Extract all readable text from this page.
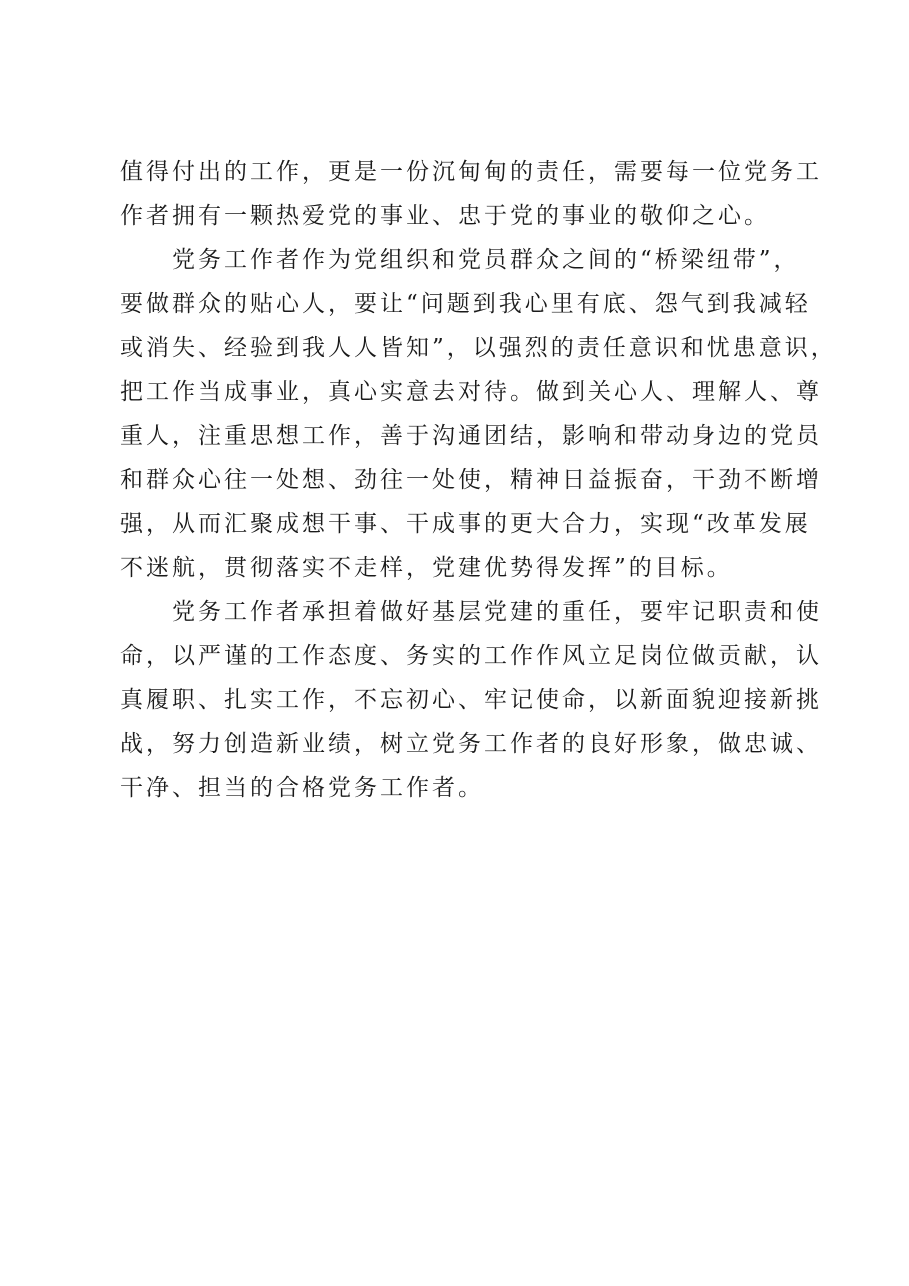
值得付出的工作，更是一份沉甸甸的责任，需要每一位党务工
作者拥有一颗热爱党的事业、忠于党的事业的敬仰之心。
党务工作者作为党组织和党员群众之间的“桥梁纽带”，
要做群众的贴心人，要让“问题到我心里有底、怨气到我减轻
或消失、经验到我人人皆知”，以强烈的责任意识和忧患意识，
把工作当成事业，真心实意去对待。做到关心人、理解人、尊
重人，注重思想工作，善于沟通团结，影响和带动身边的党员
和群众心往一处想、劲往一处使，精神日益振奋，干劲不断增
强，从而汇聚成想干事、干成事的更大合力，实现“改革发展
不迷航，贯彻落实不走样，党建优势得发挥”的目标。
党务工作者承担着做好基层党建的重任，要牢记职责和使
命，以严谨的工作态度、务实的工作作风立足岗位做贡献，认
真履职、扎实工作，不忘初心、牢记使命，以新面貌迎接新挑
战，努力创造新业绩，树立党务工作者的良好形象，做忠诚、
干净、担当的合格党务工作者。
